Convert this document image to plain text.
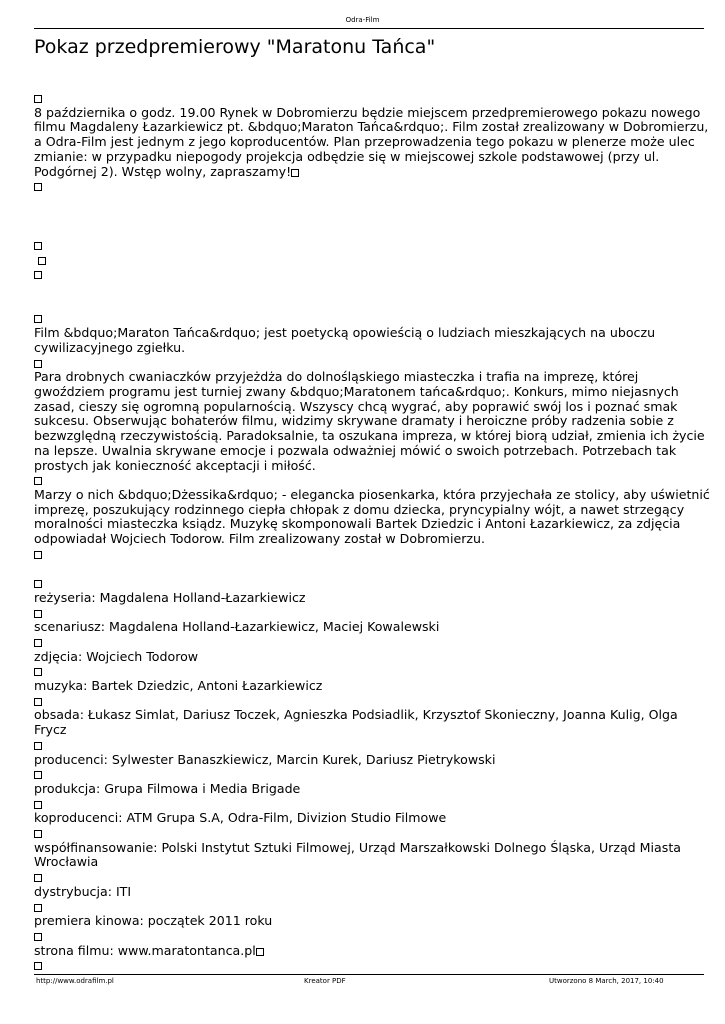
Odra-Film
Pokaz przedpremierowy "Maratonu Tańca"
8 października o godz. 19.00 Rynek w Dobromierzu będzie miejscem przedpremierowego pokazu nowego filmu Magdaleny Łazarkiewicz pt. &bdquo;Maraton Tańca&rdquo;. Film został zrealizowany w Dobromierzu, a Odra-Film jest jednym z jego koproducentów. Plan przeprowadzenia tego pokazu w plenerze może ulec zmianie: w przypadku niepogody projekcja odbędzie się w miejscowej szkole podstawowej (przy ul. Podgórnej 2). Wstęp wolny, zapraszamy!

Film &bdquo;Maraton Tańca&rdquo; jest poetycką opowieścią o ludziach mieszkających na uboczu cywilizacyjnego zgiełku.
Para drobnych cwaniaczków przyjeżdża do dolnośląskiego miasteczka i trafia na imprezę, której gwoździem programu jest turniej zwany &bdquo;Maratonem tańca&rdquo;. Konkurs, mimo niejasnych zasad, cieszy się ogromną popularnością. Wszyscy chcą wygrać, aby poprawić swój los i poznać smak sukcesu. Obserwując bohaterów filmu, widzimy skrywane dramaty i heroiczne próby radzenia sobie z bezwzględną rzeczywistością. Paradoksalnie, ta oszukana impreza, w której biorą udział, zmienia ich życie na lepsze. Uwalnia skrywane emocje i pozwala odważniej mówić o swoich potrzebach. Potrzebach tak prostych jak konieczność akceptacji i miłość.
Marzy o nich &bdquo;Dżessika&rdquo; - elegancka piosenkarka, która przyjechała ze stolicy, aby uświetnić imprezę, poszukujący rodzinnego ciepła chłopak z domu dziecka, pryncypialny wójt, a nawet strzegący moralności miasteczka ksiądz. Muzykę skomponowali Bartek Dziedzic i Antoni Łazarkiewicz, za zdjęcia odpowiadał Wojciech Todorow. Film zrealizowany został w Dobromierzu.
reżyseria: Magdalena Holland-Łazarkiewicz
scenariusz: Magdalena Holland-Łazarkiewicz, Maciej Kowalewski
zdjęcia: Wojciech Todorow
muzyka: Bartek Dziedzic, Antoni Łazarkiewicz
obsada: Łukasz Simlat, Dariusz Toczek, Agnieszka Podsiadlik, Krzysztof Skonieczny, Joanna Kulig, Olga Frycz
producenci: Sylwester Banaszkiewicz, Marcin Kurek, Dariusz Pietrykowski
produkcja: Grupa Filmowa i Media Brigade
koproducenci: ATM Grupa S.A, Odra-Film, Divizion Studio Filmowe
współfinansowanie: Polski Instytut Sztuki Filmowej, Urząd Marszałkowski Dolnego Śląska, Urząd Miasta Wrocławia
dystrybucja: ITI
premiera kinowa: początek 2011 roku
strona filmu: www.maratontanca.pl
http://www.odrafilm.pl	Kreator PDF	Utworzono 8 March, 2017, 10:40
